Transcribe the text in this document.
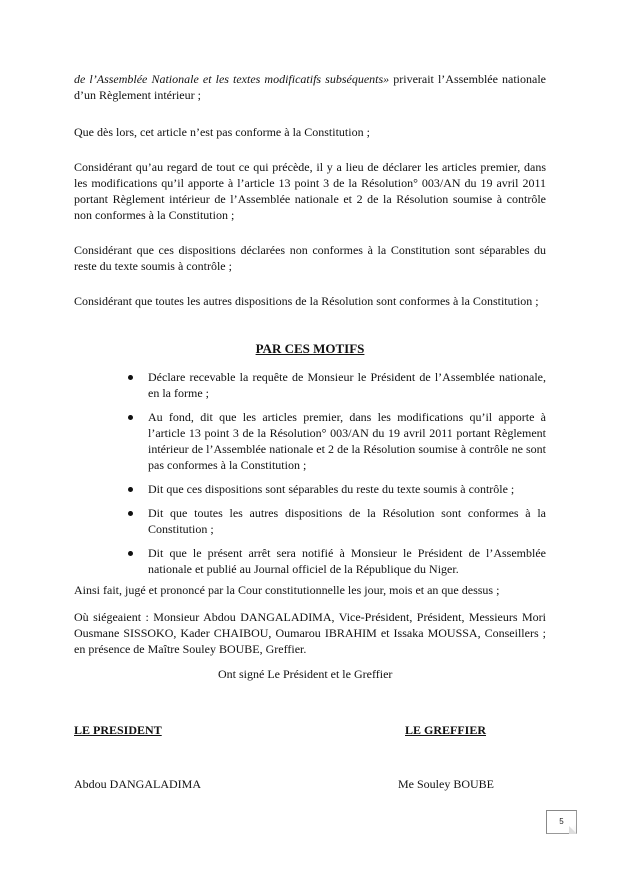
de l’Assemblée Nationale et les textes modificatifs subséquents» priverait l’Assemblée nationale d’un Règlement intérieur ;

Que dès lors, cet article n’est pas conforme à la Constitution ;

Considérant qu’au regard de tout ce qui précède, il y a lieu de déclarer les articles premier, dans les modifications qu’il apporte à l’article 13 point 3 de la Résolution° 003/AN du 19 avril 2011 portant Règlement intérieur de l’Assemblée nationale et 2 de la Résolution soumise à contrôle non conformes à la Constitution ;

Considérant que ces dispositions déclarées non conformes à la Constitution sont séparables du reste du texte soumis à contrôle ;

Considérant que toutes les autres dispositions de la Résolution sont conformes à la Constitution ;

PAR CES MOTIFS
Déclare recevable la requête de Monsieur le Président de l’Assemblée nationale, en la forme ;
Au fond, dit que les articles premier, dans les modifications qu’il apporte à l’article 13 point 3 de la Résolution° 003/AN du 19 avril 2011 portant Règlement intérieur de l’Assemblée nationale et 2 de la Résolution soumise à contrôle ne sont pas conformes à la Constitution ;
Dit que ces dispositions sont séparables du reste du texte soumis à contrôle ;
Dit que toutes les autres dispositions de la Résolution sont conformes à la Constitution ;
Dit que le présent arrêt sera notifié à Monsieur le Président de l’Assemblée nationale et publié au Journal officiel de la République du Niger.

Ainsi fait, jugé et prononcé par la Cour constitutionnelle les jour, mois et an que dessus ;

Où siégeaient : Monsieur Abdou DANGALADIMA, Vice-Président, Président, Messieurs Mori Ousmane SISSOKO, Kader CHAIBOU, Oumarou IBRAHIM et Issaka MOUSSA, Conseillers ; en présence de Maître Souley BOUBE, Greffier.

Ont signé Le Président et le Greffier
LE PRESIDENT	LE GREFFIER
Abdou DANGALADIMA	Me Souley BOUBE
5
